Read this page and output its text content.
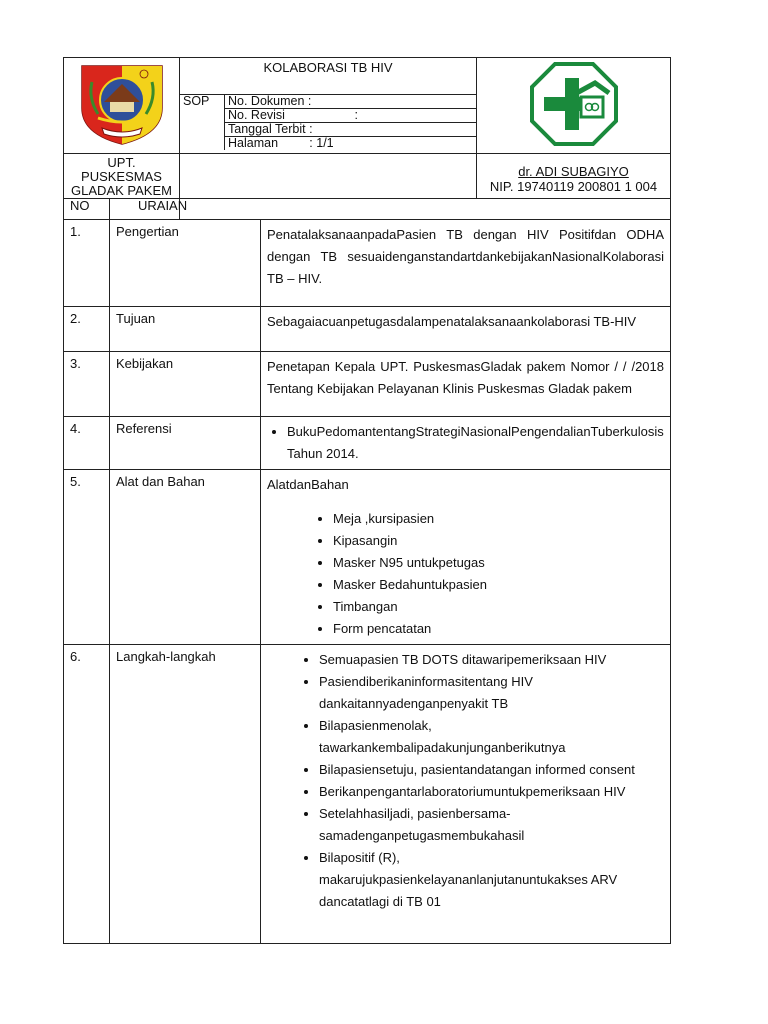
	KOLABORASI TB HIV	

SOP	No. Dokumen :
No. Revisi	:
Tanggal Terbit :
Halaman	: 1/1

UPT.
PUSKESMAS
GLADAK PAKEM

dr. ADI SUBAGIYO
NIP. 19740119 200801 1 004

NO	URAIAN	
1.	Pengertian	PenatalaksanaanpadaPasien TB dengan HIV Positifdan ODHA dengan TB sesuaidenganstandartdankebijakanNasionalKolaborasi TB – HIV.
2.	Tujuan	Sebagaiacuanpetugasdalampenatalaksanaankolaborasi TB-HIV
3.	Kebijakan	Penetapan Kepala UPT. PuskesmasGladak pakem Nomor / / /2018 Tentang Kebijakan Pelayanan Klinis Puskesmas Gladak pakem
4.	Referensi	
•BukuPedomantentangStrategiNasionalPengendalianTuberkulosisTahun 2014.

5.	Alat dan Bahan	AlatdanBahan
• Meja ,kursipasien
• Kipasangin
• Masker N95 untukpetugas
• Masker Bedahuntukpasien
• Timbangan
• Form pencatatan

6.	Langkah-langkah	
•Semuapasien TB DOTS ditawaripemeriksaan HIV
• Pasiendiberikaninformasitentang HIV dankaitannyadenganpenyakit TB
• Bilapasienmenolak, tawarkankembalipadakunjunganberikutnya
• Bilapasiensetuju, pasientandatangan informed consent
• Berikanpengantarlaboratoriumuntukpemeriksaan HIV
• Setelahhasiljadi, pasienbersama-samadenganpetugasmembukahasil
• Bilapositif (R), makarujukpasienkelayananlanjutanuntukakses ARV dancatatlagi di TB 01
